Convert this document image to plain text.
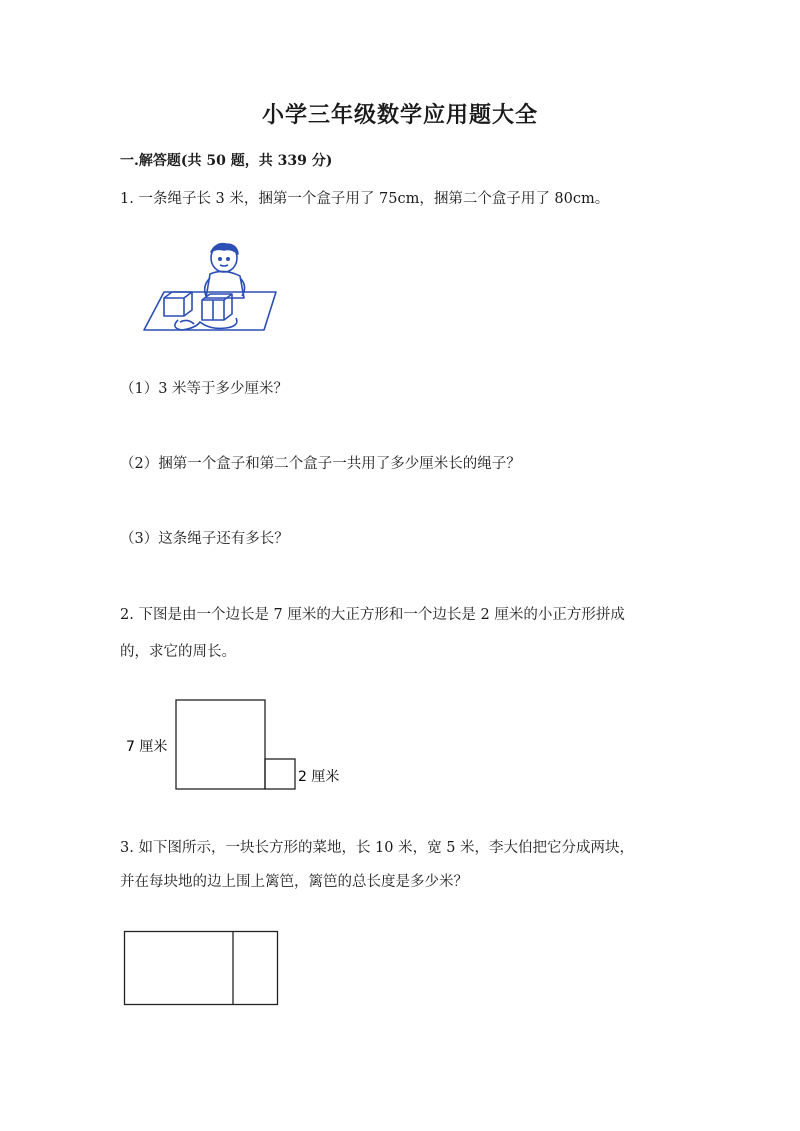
小学三年级数学应用题大全
一.解答题(共 50 题，共 339 分)
1. 一条绳子长 3 米，捆第一个盒子用了 75cm，捆第二个盒子用了 80cm。
（1）3 米等于多少厘米？
（2）捆第一个盒子和第二个盒子一共用了多少厘米长的绳子？
（3）这条绳子还有多长？
2. 下图是由一个边长是 7 厘米的大正方形和一个边长是 2 厘米的小正方形拼成
的，求它的周长。
7 厘米
2 厘米
3. 如下图所示，一块长方形的菜地，长 10 米，宽 5 米，李大伯把它分成两块，
并在每块地的边上围上篱笆，篱笆的总长度是多少米？
